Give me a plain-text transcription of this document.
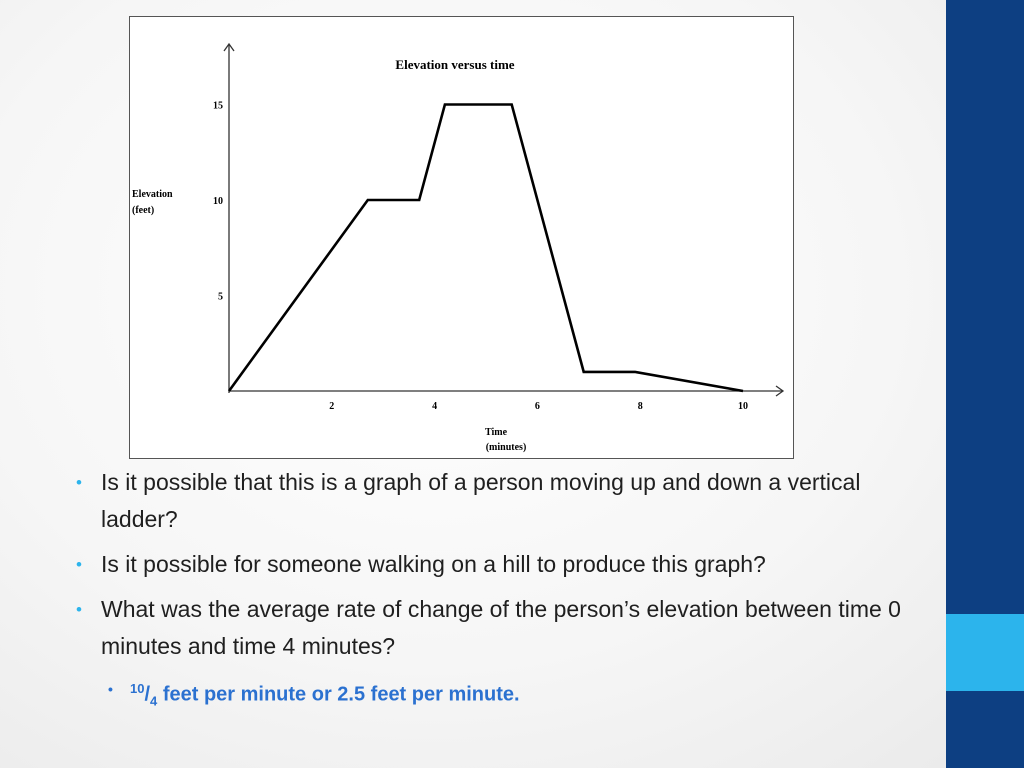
Elevation versus time
2	4	6	8	10
5
10
15
Elevation
(feet)
Time
(minutes)
• Is it possible that this is a graph of a person moving up and down a vertical ladder?
• Is it possible for someone walking on a hill to produce this graph?
• What was the average rate of change of the person’s elevation between time 0 minutes and time 4 minutes?
• $^{10}/_4$ feet per minute or 2.5 feet per minute.
